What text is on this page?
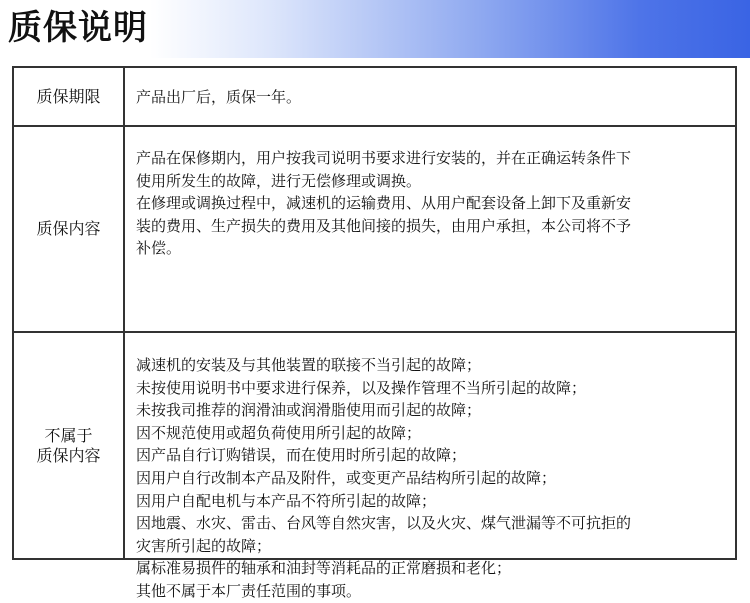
质保说明
质保期限 产品出厂后，质保一年。
质保内容
产品在保修期内，用户按我司说明书要求进行安装的，并在正确运转条件下
使用所发生的故障，进行无偿修理或调换。
在修理或调换过程中，减速机的运输费用、从用户配套设备上卸下及重新安
装的费用、生产损失的费用及其他间接的损失，由用户承担，本公司将不予
补偿。
不属于
质保内容
减速机的安装及与其他装置的联接不当引起的故障；
未按使用说明书中要求进行保养，以及操作管理不当所引起的故障；
未按我司推荐的润滑油或润滑脂使用而引起的故障；
因不规范使用或超负荷使用所引起的故障；
因产品自行订购错误，而在使用时所引起的故障；
因用户自行改制本产品及附件，或变更产品结构所引起的故障；
因用户自配电机与本产品不符所引起的故障；
因地震、水灾、雷击、台风等自然灾害，以及火灾、煤气泄漏等不可抗拒的
灾害所引起的故障；
属标准易损件的轴承和油封等消耗品的正常磨损和老化；
其他不属于本厂责任范围的事项。
